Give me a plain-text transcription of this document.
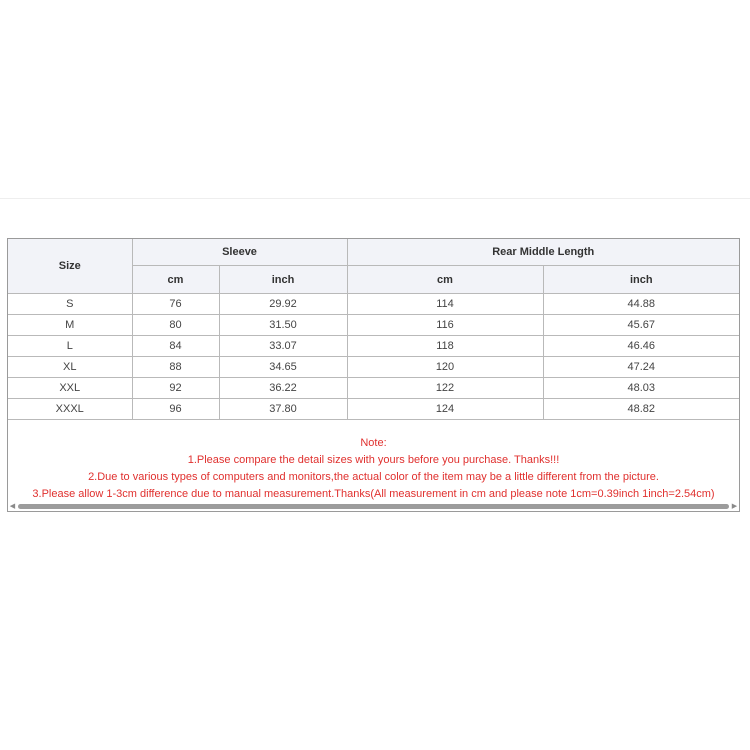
Size	Sleeve		Rear Middle Length	
	cm	inch	cm	inch
S	76	29.92	114	44.88
M	80	31.50	116	45.67
L	84	33.07	118	46.46
XL	88	34.65	120	47.24
XXL	92	36.22	122	48.03
XXXL	96	37.80	124	48.82
Note:
1.Please compare the detail sizes with yours before you purchase. Thanks!!!
2.Due to various types of computers and monitors,the actual color of the item may be a little different from the picture.
3.Please allow 1-3cm difference due to manual measurement.Thanks(All measurement in cm and please note 1cm=0.39inch 1inch=2.54cm)
◀	▶
